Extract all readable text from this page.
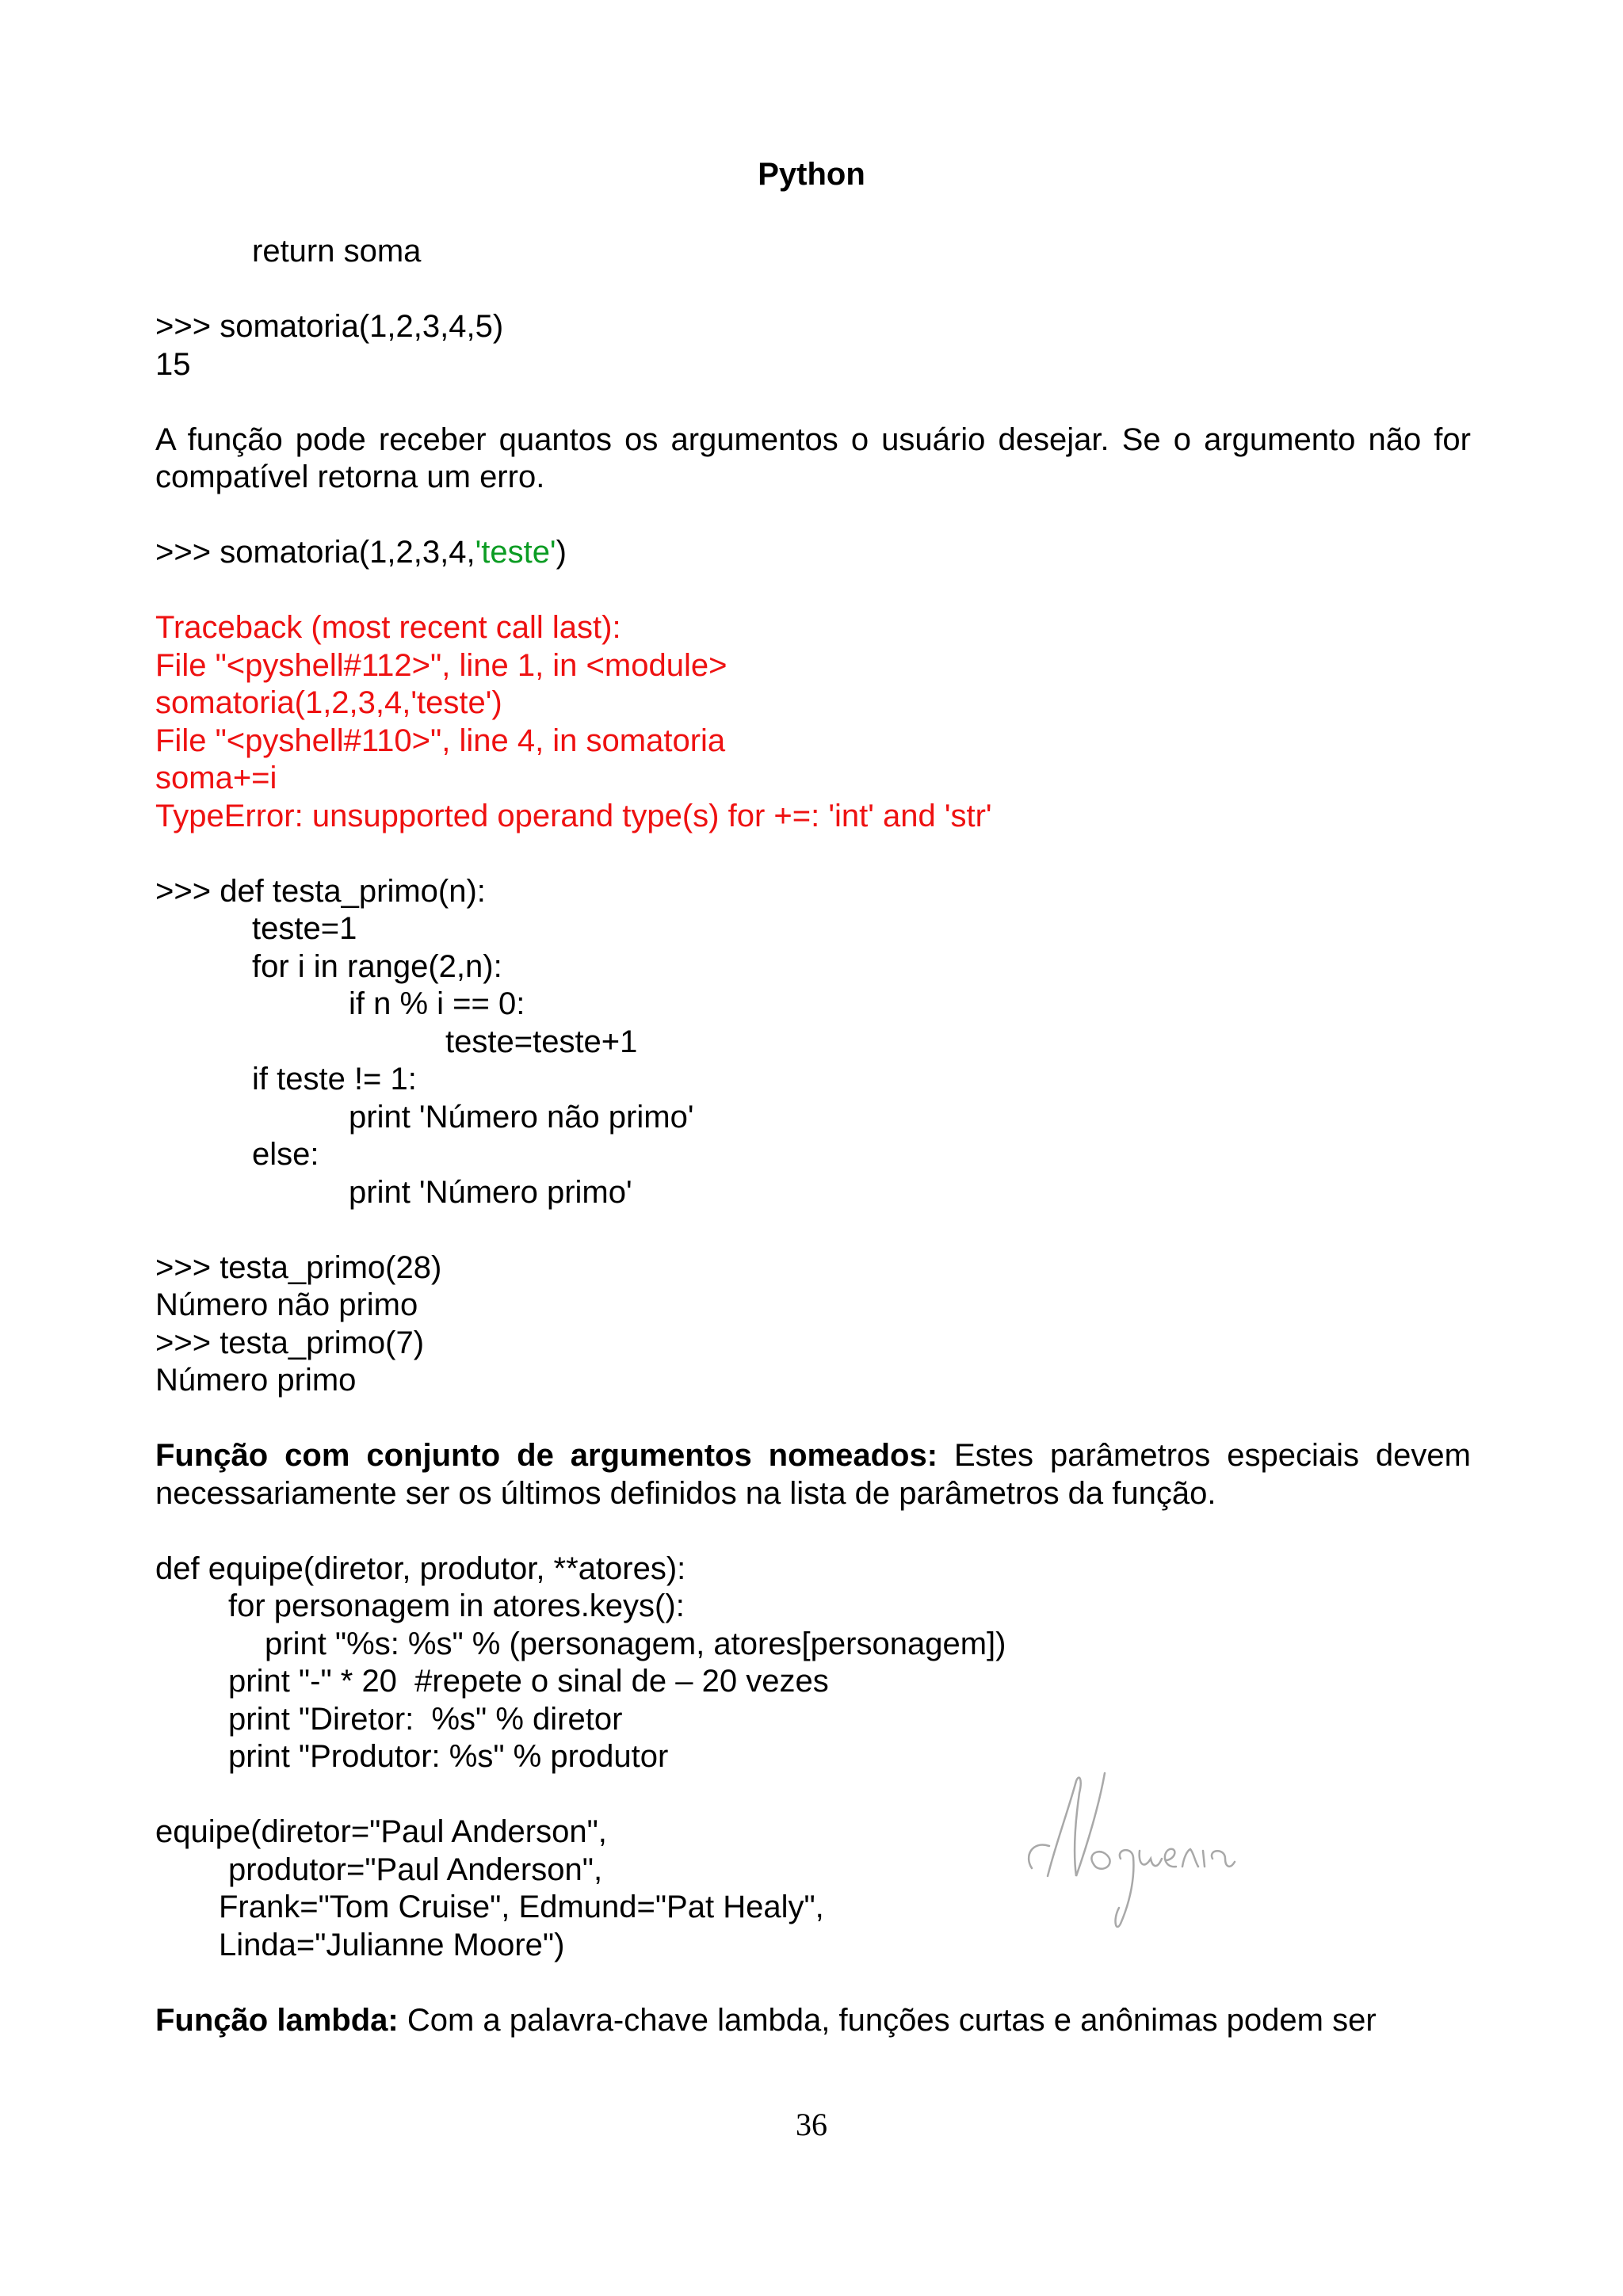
Python
return soma
>>> somatoria(1,2,3,4,5)
15
A função pode receber quantos os argumentos o usuário desejar. Se o argumento não for compatível retorna um erro.
>>> somatoria(1,2,3,4,'teste')
Traceback (most recent call last):
File "<pyshell#112>", line 1, in <module>
somatoria(1,2,3,4,'teste')
File "<pyshell#110>", line 4, in somatoria
soma+=i
TypeError: unsupported operand type(s) for +=: 'int' and 'str'
>>> def testa_primo(n):
teste=1
for i in range(2,n):
if n % i == 0:
teste=teste+1
if teste != 1:
print 'Número não primo'
else:
print 'Número primo'
>>> testa_primo(28)
Número não primo
>>> testa_primo(7)
Número primo
Função com conjunto de argumentos nomeados: Estes parâmetros especiais devem necessariamente ser os últimos definidos na lista de parâmetros da função.
def equipe(diretor, produtor, **atores):
for personagem in atores.keys():
print "%s: %s" % (personagem, atores[personagem])
print "-" * 20  #repete o sinal de – 20 vezes
print "Diretor:  %s" % diretor
print "Produtor: %s" % produtor
equipe(diretor="Paul Anderson",
produtor="Paul Anderson",
Frank="Tom Cruise", Edmund="Pat Healy",
Linda="Julianne Moore")
Função lambda: Com a palavra-chave lambda, funções curtas e anônimas podem ser
36
